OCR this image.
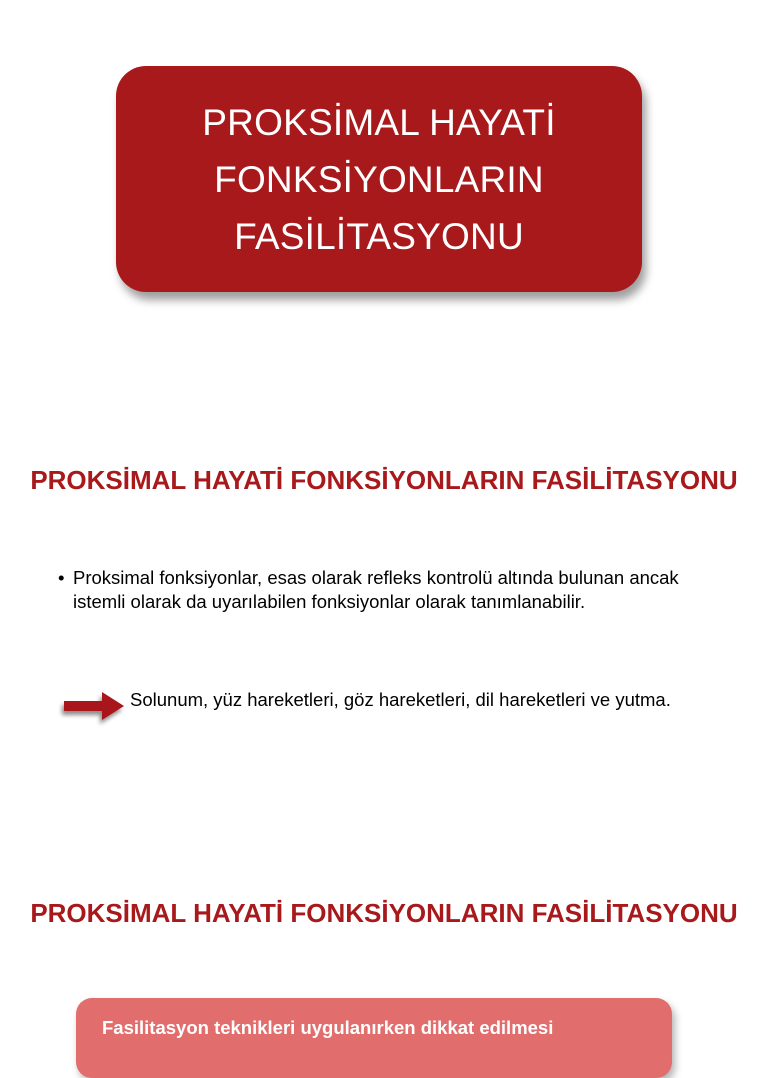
PROKSİMAL HAYATİ FONKSİYONLARIN FASİLİTASYONU
PROKSİMAL HAYATİ FONKSİYONLARIN FASİLİTASYONU
• Proksimal fonksiyonlar, esas olarak refleks kontrolü altında bulunan ancak istemli olarak da uyarılabilen fonksiyonlar olarak tanımlanabilir.
Solunum, yüz hareketleri, göz hareketleri, dil hareketleri ve yutma.
PROKSİMAL HAYATİ FONKSİYONLARIN FASİLİTASYONU
Fasilitasyon teknikleri uygulanırken dikkat edilmesi
